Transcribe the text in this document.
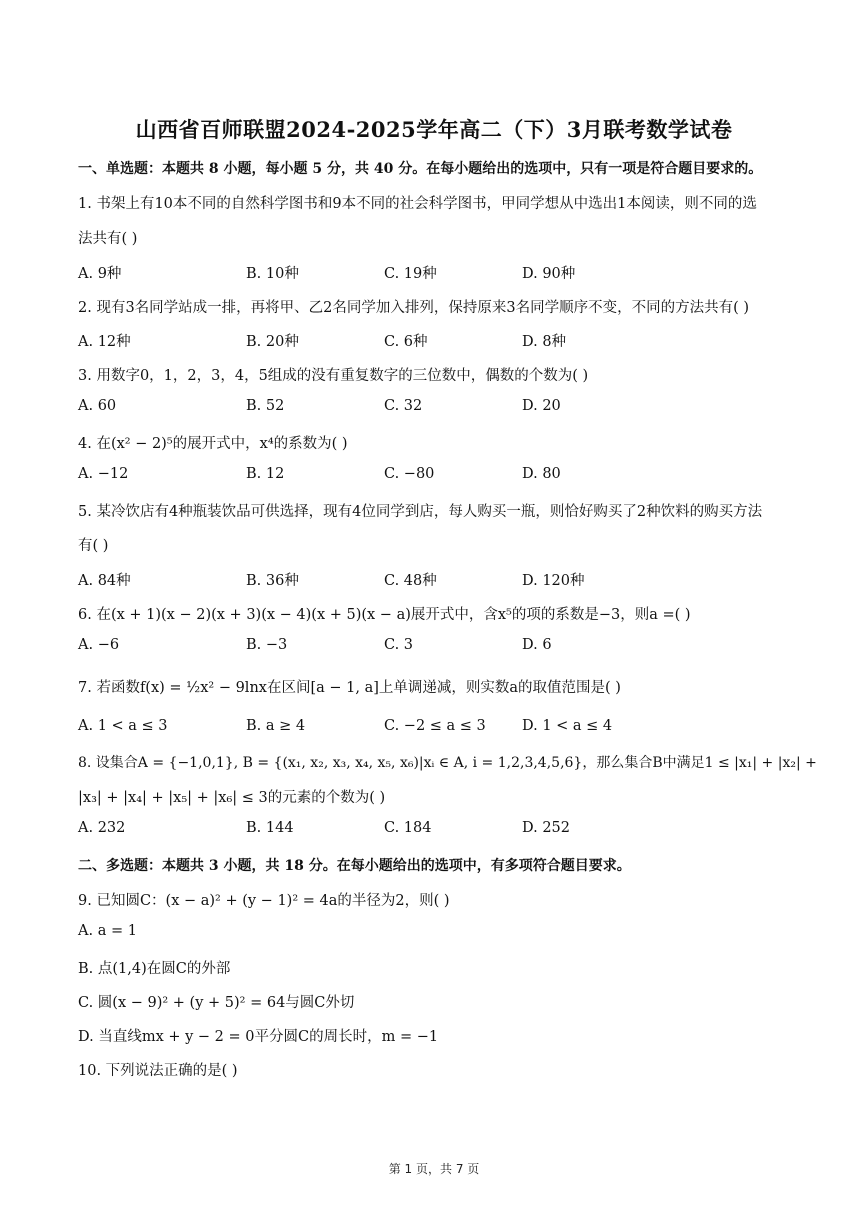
山西省百师联盟2024-2025学年高二（下）3月联考数学试卷
一、单选题：本题共 8 小题，每小题 5 分，共 40 分。在每小题给出的选项中，只有一项是符合题目要求的。
1. 书架上有10本不同的自然科学图书和9本不同的社会科学图书，甲同学想从中选出1本阅读，则不同的选
法共有( )
A. 9种	B. 10种	C. 19种	D. 90种
2. 现有3名同学站成一排，再将甲、乙2名同学加入排列，保持原来3名同学顺序不变，不同的方法共有( )
A. 12种	B. 20种	C. 6种	D. 8种
3. 用数字0，1，2，3，4，5组成的没有重复数字的三位数中，偶数的个数为( )
A. 60	B. 52	C. 32	D. 20
4. 在(x² − 2)⁵的展开式中，x⁴的系数为( )
A. −12	B. 12	C. −80	D. 80
5. 某冷饮店有4种瓶装饮品可供选择，现有4位同学到店，每人购买一瓶，则恰好购买了2种饮料的购买方法
有( )
A. 84种	B. 36种	C. 48种	D. 120种
6. 在(x + 1)(x − 2)(x + 3)(x − 4)(x + 5)(x − a)展开式中，含x⁵的项的系数是−3，则a =( )
A. −6	B. −3	C. 3	D. 6
7. 若函数f(x) = ½x² − 9lnx在区间[a − 1, a]上单调递减，则实数a的取值范围是( )
A. 1 < a ≤ 3	B. a ≥ 4	C. −2 ≤ a ≤ 3 D. 1 < a ≤ 4
8. 设集合A = {−1,0,1}, B = {(x₁, x₂, x₃, x₄, x₅, x₆)|xᵢ ∈ A, i = 1,2,3,4,5,6}，那么集合B中满足1 ≤ |x₁| + |x₂| +
|x₃| + |x₄| + |x₅| + |x₆| ≤ 3的元素的个数为( )
A. 232	B. 144	C. 184	D. 252
二、多选题：本题共 3 小题，共 18 分。在每小题给出的选项中，有多项符合题目要求。
9. 已知圆C：(x − a)² + (y − 1)² = 4a的半径为2，则( )
A. a = 1
B. 点(1,4)在圆C的外部
C. 圆(x − 9)² + (y + 5)² = 64与圆C外切
D. 当直线mx + y − 2 = 0平分圆C的周长时，m = −1
10. 下列说法正确的是( )
第 1 页，共 7 页
